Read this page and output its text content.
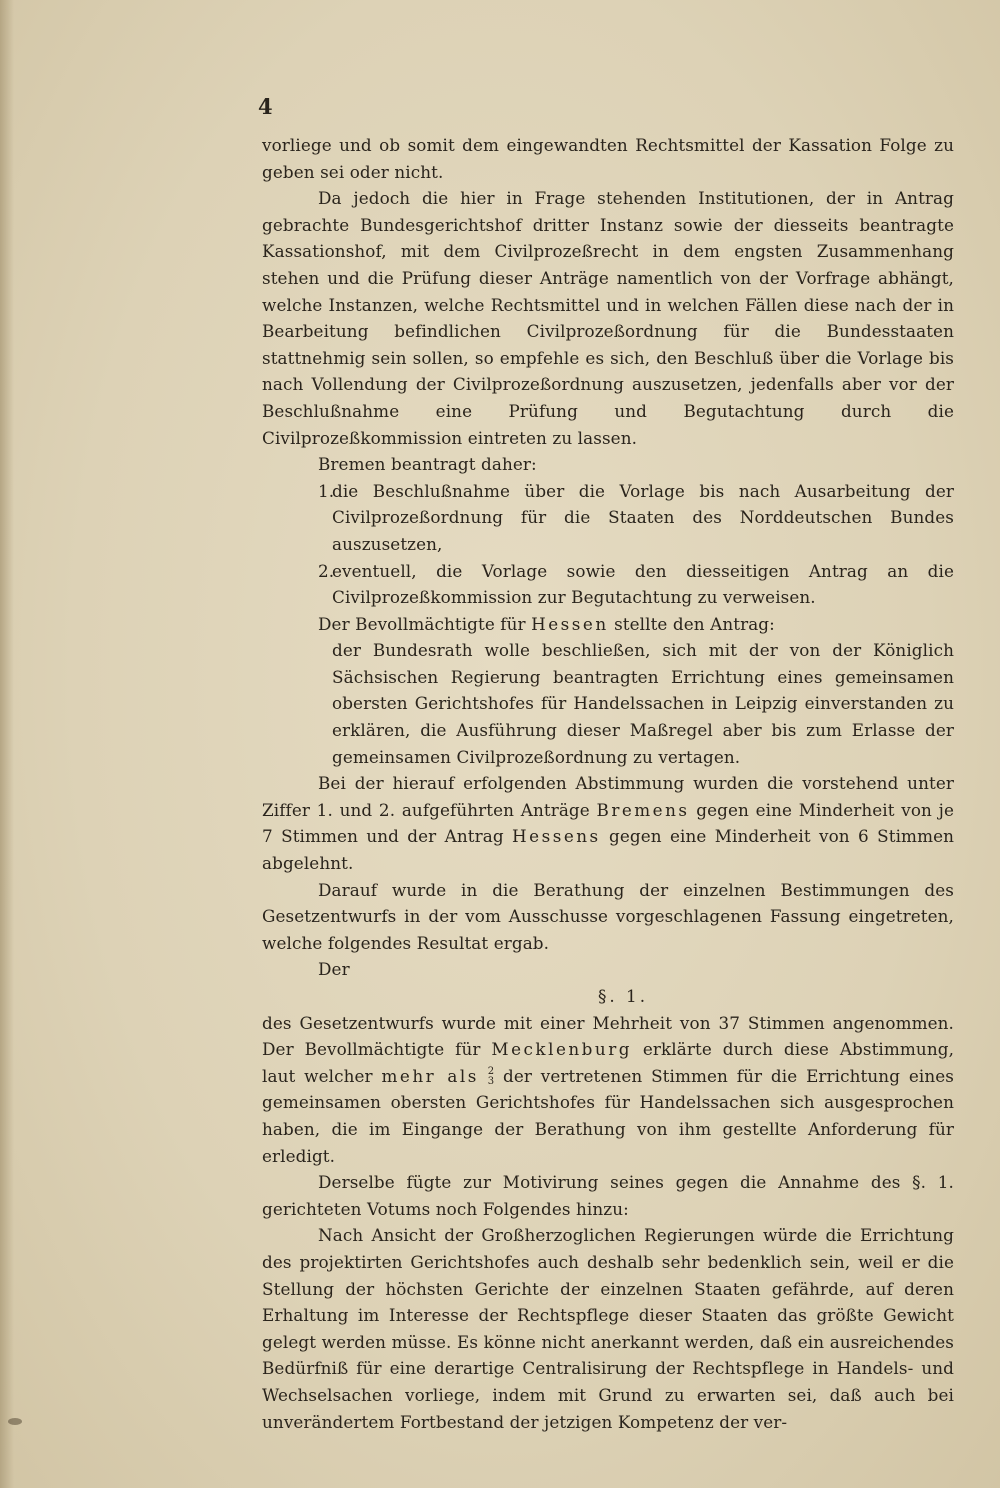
4

vorliege und ob somit dem eingewandten Rechtsmittel der Kassation Folge zu geben sei oder nicht.

Da jedoch die hier in Frage stehenden Institutionen, der in Antrag gebrachte Bundesgerichtshof dritter Instanz sowie der diesseits beantragte Kassationshof, mit dem Civilprozeßrecht in dem engsten Zusammenhang stehen und die Prüfung dieser Anträge namentlich von der Vorfrage abhängt, welche Instanzen, welche Rechtsmittel und in welchen Fällen diese nach der in Bearbeitung befindlichen Civilprozeßordnung für die Bundesstaaten stattnehmig sein sollen, so empfehle es sich, den Beschluß über die Vorlage bis nach Vollendung der Civilprozeßordnung auszusetzen, jedenfalls aber vor der Beschlußnahme eine Prüfung und Begutachtung durch die Civilprozeßkommission eintreten zu lassen.

Bremen beantragt daher:

1.
die Beschlußnahme über die Vorlage bis nach Ausarbeitung der Civilprozeßordnung für die Staaten des Norddeutschen Bundes auszusetzen,
2.
eventuell, die Vorlage sowie den diesseitigen Antrag an die Civilprozeßkommission zur Begutachtung zu verweisen.

Der Bevollmächtigte für Hessen stellte den Antrag:

der Bundesrath wolle beschließen, sich mit der von der Königlich Sächsischen Regierung beantragten Errichtung eines gemeinsamen obersten Gerichtshofes für Handelssachen in Leipzig einverstanden zu erklären, die Ausführung dieser Maßregel aber bis zum Erlasse der gemeinsamen Civilprozeßordnung zu vertagen.

Bei der hierauf erfolgenden Abstimmung wurden die vorstehend unter Ziffer 1. und 2. aufgeführten Anträge Bremens gegen eine Minderheit von je 7 Stimmen und der Antrag Hessens gegen eine Minderheit von 6 Stimmen abgelehnt.

Darauf wurde in die Berathung der einzelnen Bestimmungen des Gesetzentwurfs in der vom Ausschusse vorgeschlagenen Fassung eingetreten, welche folgendes Resultat ergab.

Der

§. 1.

des Gesetzentwurfs wurde mit einer Mehrheit von 37 Stimmen angenommen. Der Bevollmächtigte für Mecklenburg erklärte durch diese Abstimmung, laut welcher mehr als 2
3 der vertretenen Stimmen für die Errichtung eines gemeinsamen obersten Gerichtshofes für Handelssachen sich ausgesprochen haben, die im Eingange der Berathung von ihm gestellte Anforderung für erledigt.

Derselbe fügte zur Motivirung seines gegen die Annahme des §. 1. gerichteten Votums noch Folgendes hinzu:

Nach Ansicht der Großherzoglichen Regierungen würde die Errichtung des projektirten Gerichtshofes auch deshalb sehr bedenklich sein, weil er die Stellung der höchsten Gerichte der einzelnen Staaten gefährde, auf deren Erhaltung im Interesse der Rechtspflege dieser Staaten das größte Gewicht gelegt werden müsse. Es könne nicht anerkannt werden, daß ein ausreichendes Bedürfniß für eine derartige Centralisirung der Rechtspflege in Handels- und Wechselsachen vorliege, indem mit Grund zu erwarten sei, daß auch bei unverändertem Fortbestand der jetzigen Kompetenz der ver-
